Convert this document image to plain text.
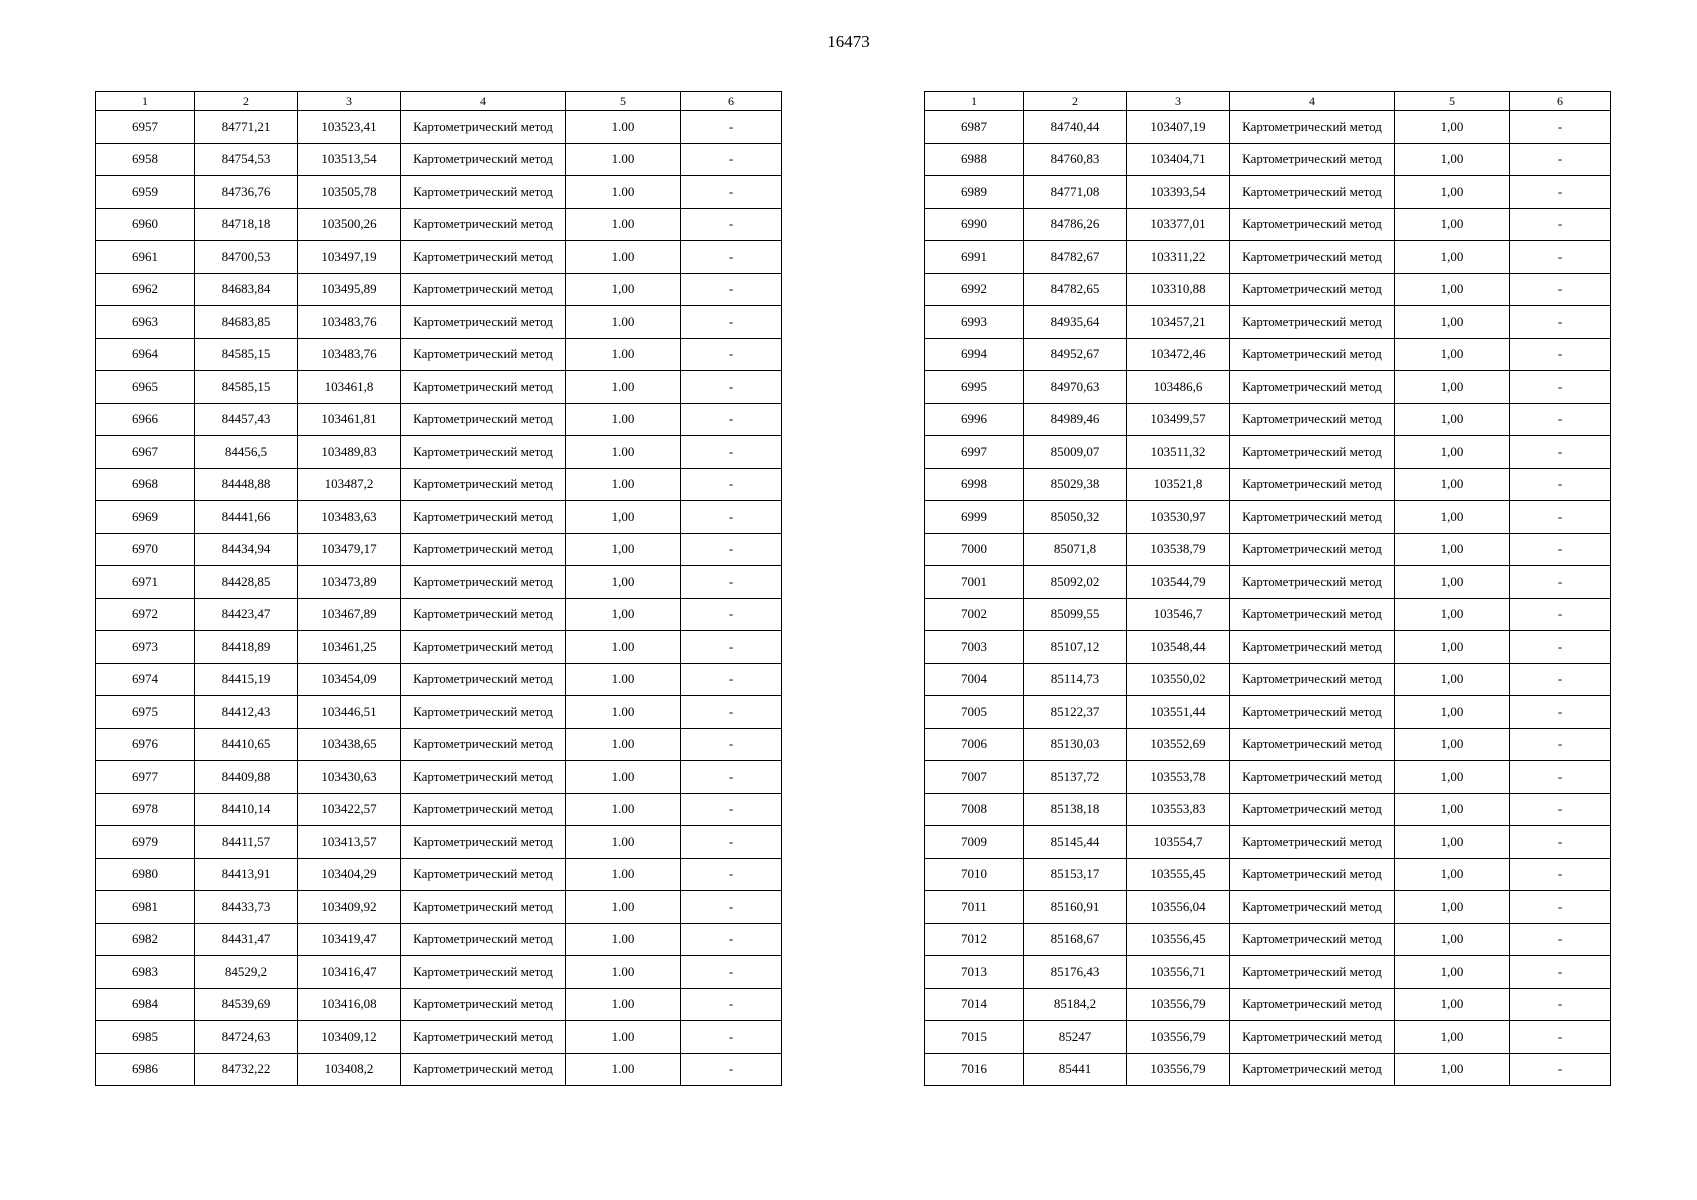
16473
1	2	3	4	5	6
6957	84771,21	103523,41	Картометрический метод	1.00	-
6958	84754,53	103513,54	Картометрический метод	1.00	-
6959	84736,76	103505,78	Картометрический метод	1.00	-
6960	84718,18	103500,26	Картометрический метод	1.00	-
6961	84700,53	103497,19	Картометрический метод	1.00	-
6962	84683,84	103495,89	Картометрический метод	1,00	-
6963	84683,85	103483,76	Картометрический метод	1.00	-
6964	84585,15	103483,76	Картометрический метод	1.00	-
6965	84585,15	103461,8	Картометрический метод	1.00	-
6966	84457,43	103461,81	Картометрический метод	1.00	-
6967	84456,5	103489,83	Картометрический метод	1.00	-
6968	84448,88	103487,2	Картометрический метод	1.00	-
6969	84441,66	103483,63	Картометрический метод	1,00	-
6970	84434,94	103479,17	Картометрический метод	1,00	-
6971	84428,85	103473,89	Картометрический метод	1,00	-
6972	84423,47	103467,89	Картометрический метод	1,00	-
6973	84418,89	103461,25	Картометрический метод	1.00	-
6974	84415,19	103454,09	Картометрический метод	1.00	-
6975	84412,43	103446,51	Картометрический метод	1.00	-
6976	84410,65	103438,65	Картометрический метод	1.00	-
6977	84409,88	103430,63	Картометрический метод	1.00	-
6978	84410,14	103422,57	Картометрический метод	1.00	-
6979	84411,57	103413,57	Картометрический метод	1.00	-
6980	84413,91	103404,29	Картометрический метод	1.00	-
6981	84433,73	103409,92	Картометрический метод	1.00	-
6982	84431,47	103419,47	Картометрический метод	1.00	-
6983	84529,2	103416,47	Картометрический метод	1.00	-
6984	84539,69	103416,08	Картометрический метод	1.00	-
6985	84724,63	103409,12	Картометрический метод	1.00	-
6986	84732,22	103408,2	Картометрический метод	1.00	-
1	2	3	4	5	6
6987	84740,44	103407,19	Картометрический метод	1,00	-
6988	84760,83	103404,71	Картометрический метод	1,00	-
6989	84771,08	103393,54	Картометрический метод	1,00	-
6990	84786,26	103377,01	Картометрический метод	1,00	-
6991	84782,67	103311,22	Картометрический метод	1,00	-
6992	84782,65	103310,88	Картометрический метод	1,00	-
6993	84935,64	103457,21	Картометрический метод	1,00	-
6994	84952,67	103472,46	Картометрический метод	1,00	-
6995	84970,63	103486,6	Картометрический метод	1,00	-
6996	84989,46	103499,57	Картометрический метод	1,00	-
6997	85009,07	103511,32	Картометрический метод	1,00	-
6998	85029,38	103521,8	Картометрический метод	1,00	-
6999	85050,32	103530,97	Картометрический метод	1,00	-
7000	85071,8	103538,79	Картометрический метод	1,00	-
7001	85092,02	103544,79	Картометрический метод	1,00	-
7002	85099,55	103546,7	Картометрический метод	1,00	-
7003	85107,12	103548,44	Картометрический метод	1,00	-
7004	85114,73	103550,02	Картометрический метод	1,00	-
7005	85122,37	103551,44	Картометрический метод	1,00	-
7006	85130,03	103552,69	Картометрический метод	1,00	-
7007	85137,72	103553,78	Картометрический метод	1,00	-
7008	85138,18	103553,83	Картометрический метод	1,00	-
7009	85145,44	103554,7	Картометрический метод	1,00	-
7010	85153,17	103555,45	Картометрический метод	1,00	-
7011	85160,91	103556,04	Картометрический метод	1,00	-
7012	85168,67	103556,45	Картометрический метод	1,00	-
7013	85176,43	103556,71	Картометрический метод	1,00	-
7014	85184,2	103556,79	Картометрический метод	1,00	-
7015	85247	103556,79	Картометрический метод	1,00	-
7016	85441	103556,79	Картометрический метод	1,00	-
